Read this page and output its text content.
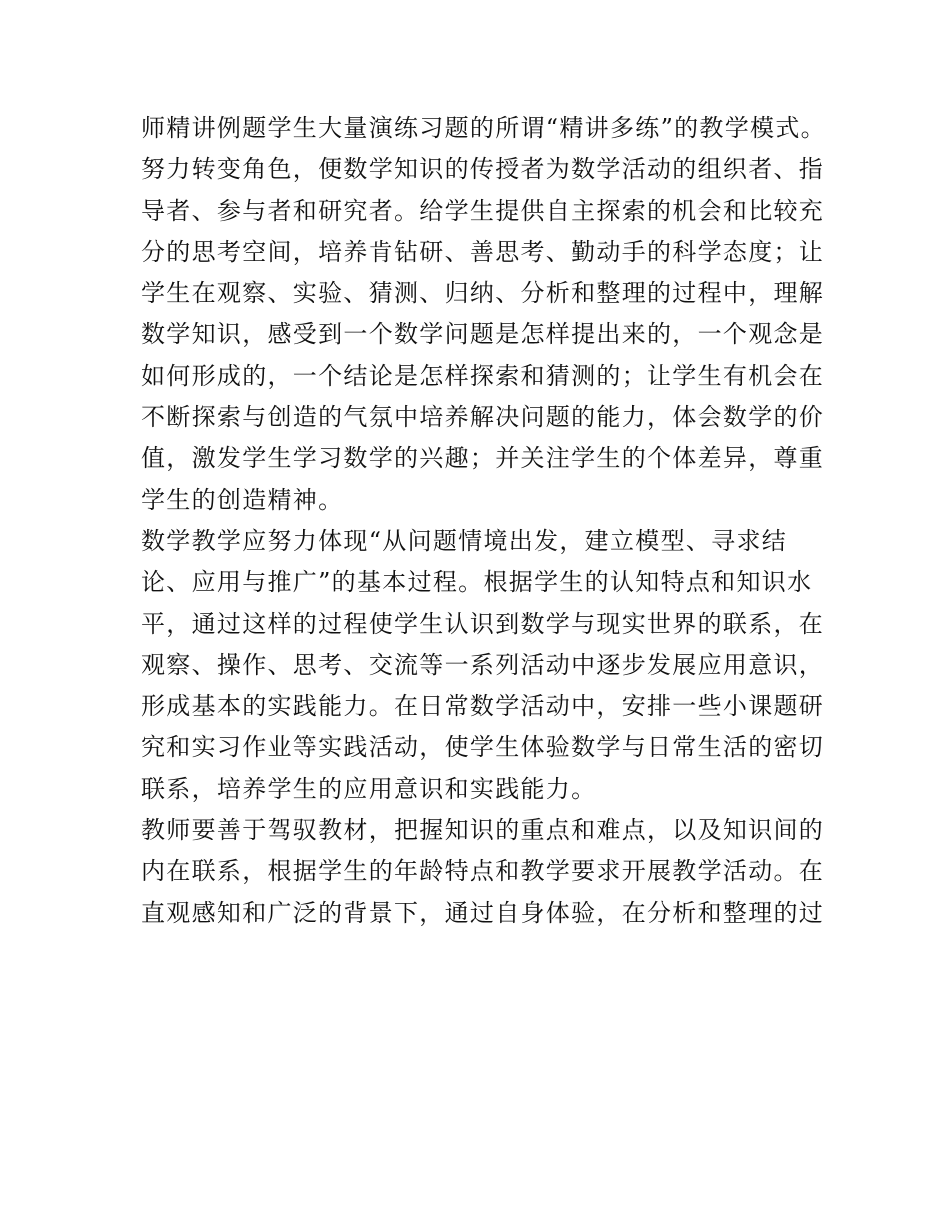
师精讲例题学生大量演练习题的所谓“精讲多练”的教学模式。
努力转变角色，便数学知识的传授者为数学活动的组织者、指
导者、参与者和研究者。给学生提供自主探索的机会和比较充
分的思考空间，培养肯钻研、善思考、勤动手的科学态度；让
学生在观察、实验、猜测、归纳、分析和整理的过程中，理解
数学知识，感受到一个数学问题是怎样提出来的，一个观念是
如何形成的，一个结论是怎样探索和猜测的；让学生有机会在
不断探索与创造的气氛中培养解决问题的能力，体会数学的价
值，激发学生学习数学的兴趣；并关注学生的个体差异，尊重
学生的创造精神。
数学教学应努力体现“从问题情境出发，建立模型、寻求结
论、应用与推广”的基本过程。根据学生的认知特点和知识水
平，通过这样的过程使学生认识到数学与现实世界的联系，在
观察、操作、思考、交流等一系列活动中逐步发展应用意识，
形成基本的实践能力。在日常数学活动中，安排一些小课题研
究和实习作业等实践活动，使学生体验数学与日常生活的密切
联系，培养学生的应用意识和实践能力。
教师要善于驾驭教材，把握知识的重点和难点，以及知识间的
内在联系，根据学生的年龄特点和教学要求开展教学活动。在
直观感知和广泛的背景下，通过自身体验，在分析和整理的过
